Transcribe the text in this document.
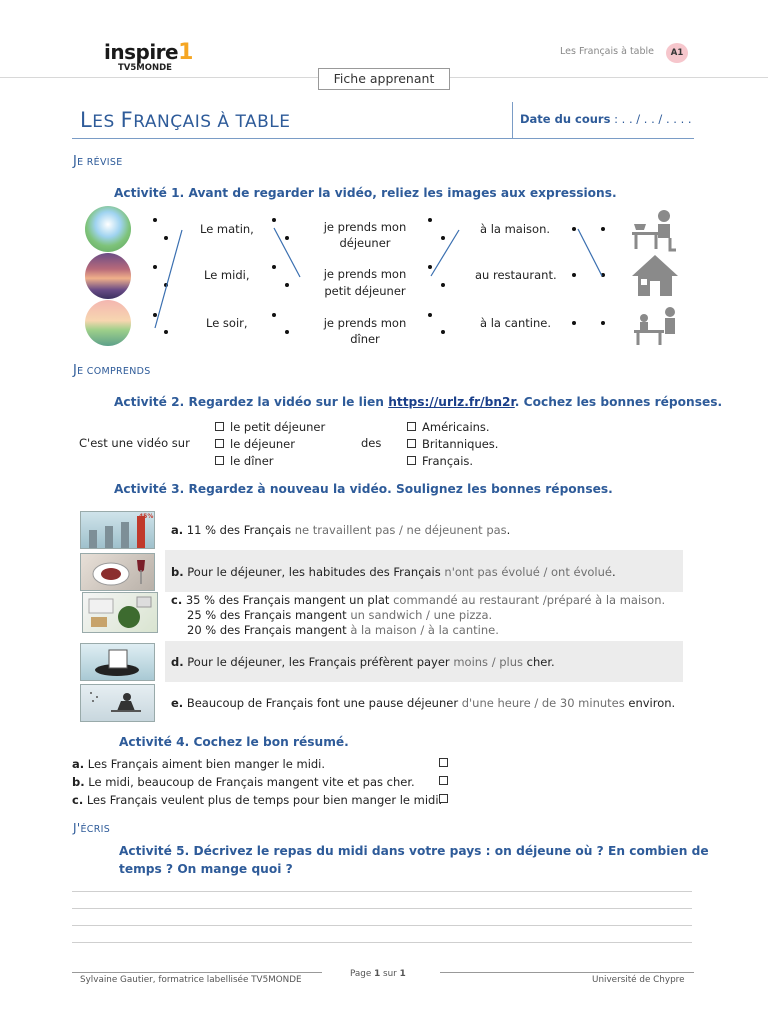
inspire1
TV5MONDE
Les Français à table	A1
Fiche apprenant
LES FRANÇAIS À TABLE	Date du cours : . . / . . / . . . .
JE RÉVISE
Activité 1. Avant de regarder la vidéo, reliez les images aux expressions.
Le matin,
Le midi,
Le soir,
je prends mon
déjeuner
je prends mon
petit déjeuner
je prends mon
dîner
à la maison.
au restaurant.
à la cantine.
JE COMPRENDS
Activité 2. Regardez la vidéo sur le lien https://urlz.fr/bn2r. Cochez les bonnes réponses.
C'est une vidéo sur
le petit déjeuner
le déjeuner
le dîner
des
Américains.
Britanniques.
Français.
Activité 3. Regardez à nouveau la vidéo. Soulignez les bonnes réponses.
45%
a. 11 % des Français ne travaillent pas / ne déjeunent pas.
b. Pour le déjeuner, les habitudes des Français n'ont pas évolué / ont évolué.
c. 35 % des Français mangent un plat commandé au restaurant /préparé à la maison.
25 % des Français mangent un sandwich / une pizza.
20 % des Français mangent à la maison / à la cantine.
d. Pour le déjeuner, les Français préfèrent payer moins / plus cher.
e. Beaucoup de Français font une pause déjeuner d'une heure / de 30 minutes environ.
Activité 4. Cochez le bon résumé.
a. Les Français aiment bien manger le midi.
b. Le midi, beaucoup de Français mangent vite et pas cher.
c. Les Français veulent plus de temps pour bien manger le midi.
J'ÉCRIS
Activité 5. Décrivez le repas du midi dans votre pays : on déjeune où ? En combien de
temps ? On mange quoi ?
Sylvaine Gautier, formatrice labellisée TV5MONDE
Page 1 sur 1
Université de Chypre
